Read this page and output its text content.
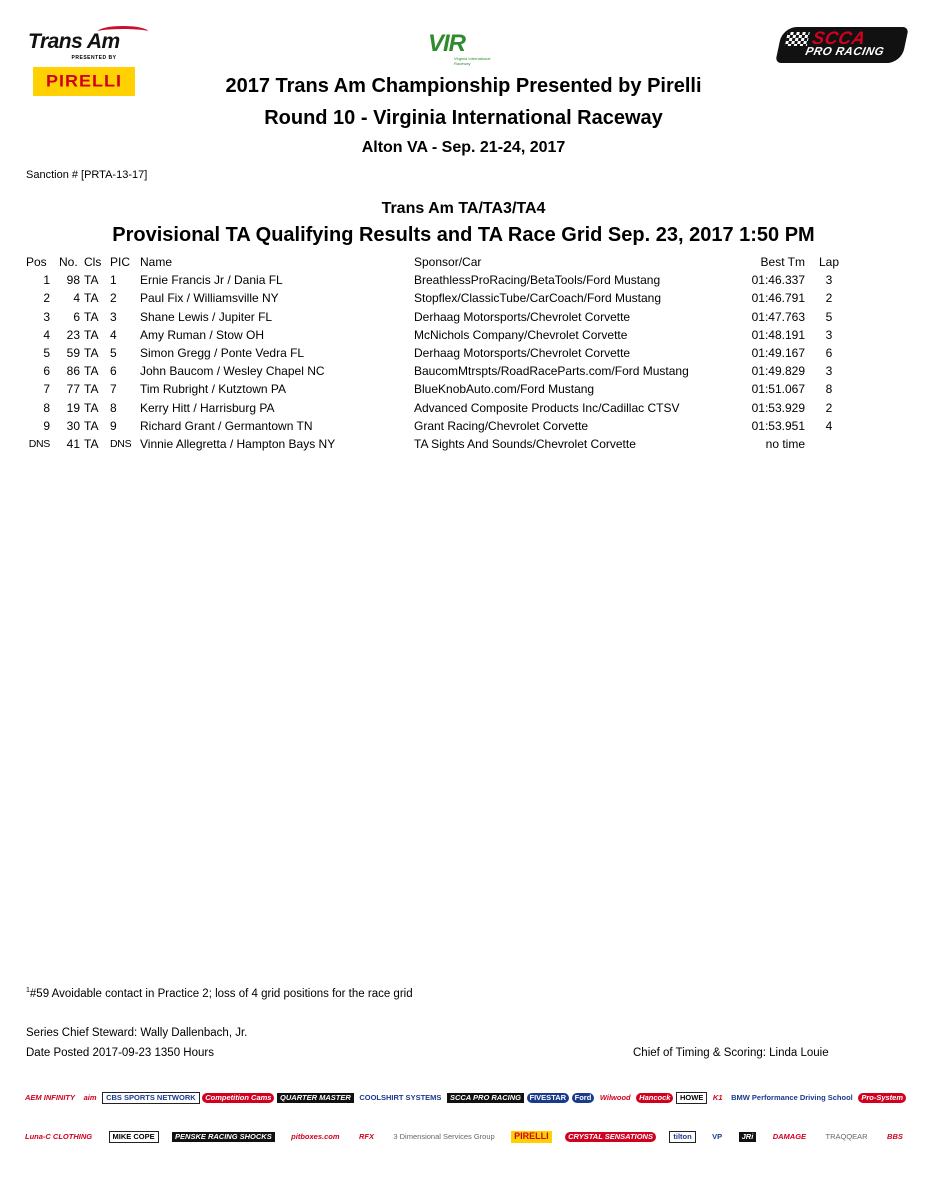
Trans Am
PRESENTED BY
PIRELLI
VIR
Virginia International Raceway
SCCA
PRO RACING
2017 Trans Am Championship Presented by Pirelli
Round 10 - Virginia International Raceway
Alton VA - Sep. 21-24, 2017
Sanction # [PRTA-13-17]
Trans Am TA/TA3/TA4
Provisional TA Qualifying Results and TA Race Grid Sep. 23, 2017 1:50 PM
Pos No. Cls PIC Name	Sponsor/Car	Best Tm Lap
1	98 TA 1 Ernie Francis Jr / Dania FL	BreathlessProRacing/BetaTools/Ford Mustang	01:46.337	3
2	4 TA 2 Paul Fix / Williamsville NY	Stopflex/ClassicTube/CarCoach/Ford Mustang	01:46.791	2
3	6 TA 3 Shane Lewis / Jupiter FL	Derhaag Motorsports/Chevrolet Corvette	01:47.763	5
4	23 TA 4 Amy Ruman / Stow OH	McNichols Company/Chevrolet Corvette	01:48.191	3
5	59 TA 5 Simon Gregg / Ponte Vedra FL	Derhaag Motorsports/Chevrolet Corvette	01:49.167	6
6	86 TA 6 John Baucom / Wesley Chapel NC	BaucomMtrspts/RoadRaceParts.com/Ford Mustang	01:49.829	3
7	77 TA 7 Tim Rubright / Kutztown PA	BlueKnobAuto.com/Ford Mustang	01:51.067	8
8	19 TA 8 Kerry Hitt / Harrisburg PA	Advanced Composite Products Inc/Cadillac CTSV	01:53.929	2
9	30 TA 9 Richard Grant / Germantown TN	Grant Racing/Chevrolet Corvette	01:53.951	4
DNS	41 TA DNS Vinnie Allegretta / Hampton Bays NY	TA Sights And Sounds/Chevrolet Corvette	no time
$^1$#59 Avoidable contact in Practice 2; loss of 4 grid positions for the race grid
Series Chief Steward: Wally Dallenbach, Jr.
Date Posted 2017-09-23 1350 Hours	Chief of Timing & Scoring: Linda Louie
AEM INFINITY	aim	CBS SPORTS NETWORK	Competition Cams	QUARTER MASTER	COOLSHIRT SYSTEMS	SCCA PRO RACING	FIVESTAR	Ford	Wilwood	Hancock	HOWE	K1	BMW Performance Driving School	Pro-System
Luna-C CLOTHING	MIKE COPE	PENSKE RACING SHOCKS	pitboxes.com	RFX	3 Dimensional Services Group	PIRELLI	CRYSTAL SENSATIONS	tilton	VP	JRi	DAMAGE	TRAQQEAR	BBS
